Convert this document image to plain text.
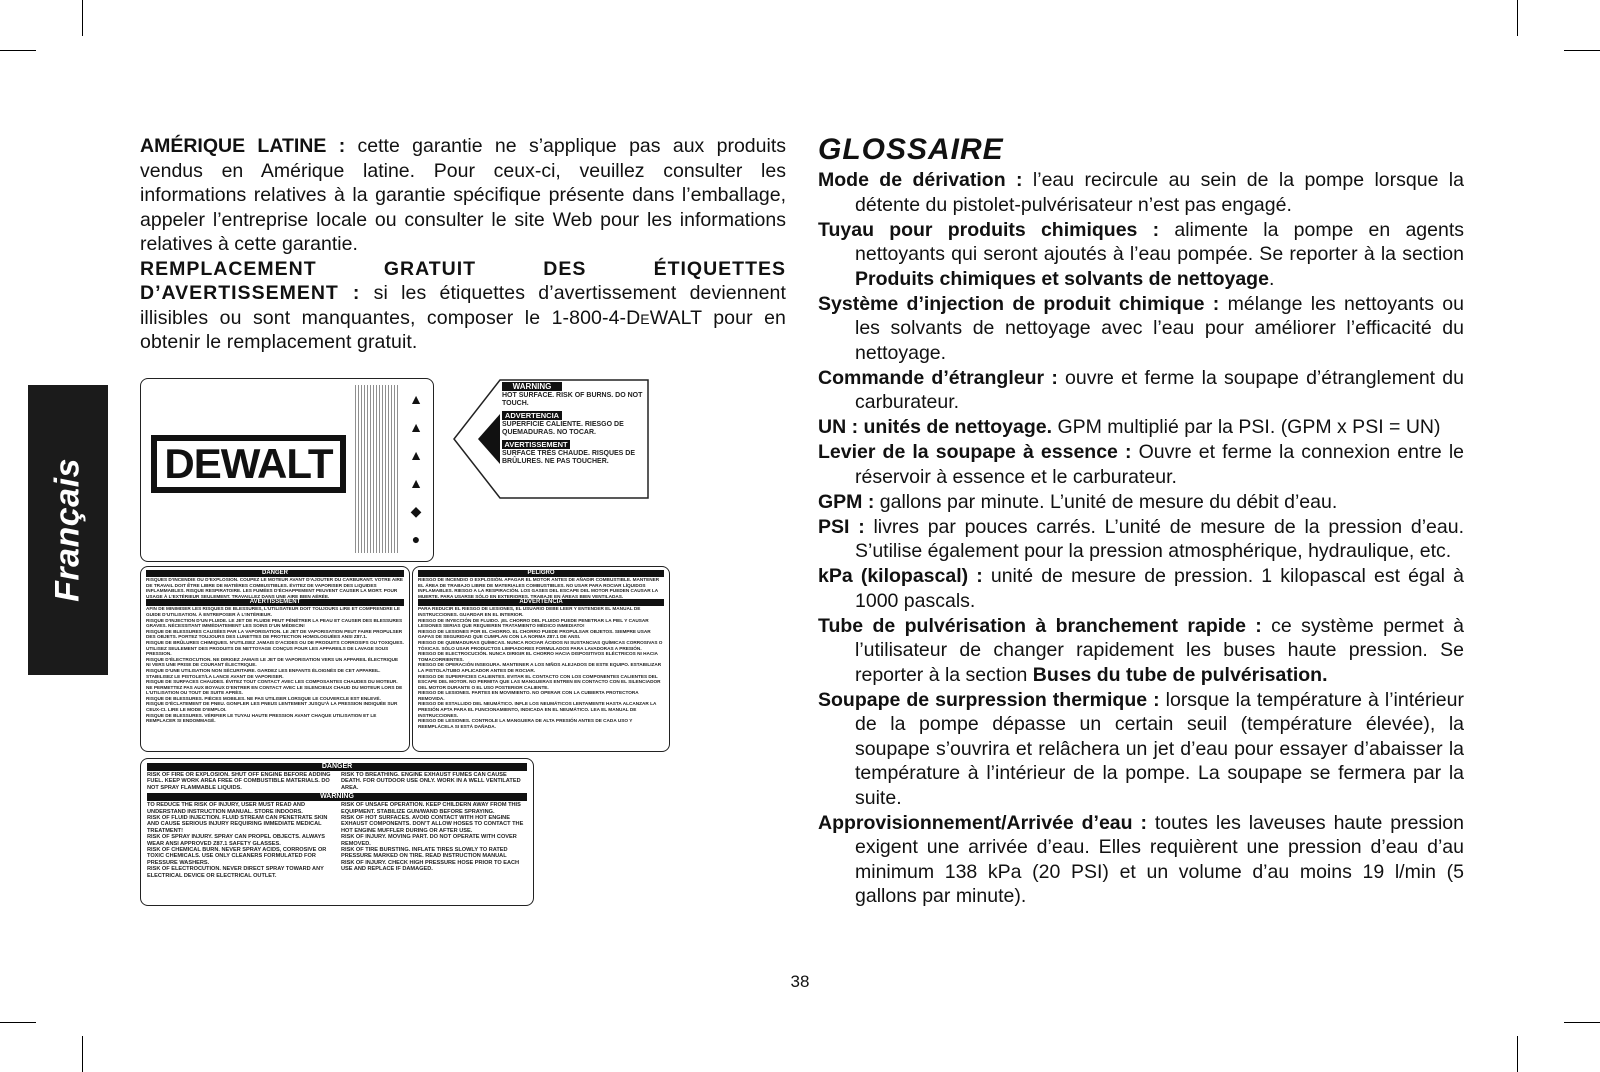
Français

AMÉRIQUE LATINE : cette garantie ne s’applique pas aux produits vendus en Amérique latine. Pour ceux-ci, veuillez consulter les informations relatives à la garantie spécifique présente dans l’emballage, appeler l’entreprise locale ou consulter le site Web pour les informations relatives à cette garantie.

REMPLACEMENT GRATUIT DES ÉTIQUETTES D’AVERTISSEMENT : si les étiquettes d’avertissement deviennent illisibles ou sont manquantes, composer le 1-800-4-DeWALT pour en obtenir le remplacement gratuit.

DEWALT
▲
▲
▲
▲
◆
●
WARNING
HOT SURFACE. RISK OF BURNS. DO NOT TOUCH.
ADVERTENCIA
SUPERFICIE CALIENTE. RIESGO DE QUEMADURAS. NO TOCAR.
AVERTISSEMENT
SURFACE TRÈS CHAUDE. RISQUES DE BRÛLURES. NE PAS TOUCHER.
DANGER
RISQUES D’INCENDIE OU D’EXPLOSION. COUPEZ LE MOTEUR AVANT D’AJOUTER DU CARBURANT. VOTRE AIRE DE TRAVAIL DOIT ÊTRE LIBRE DE MATIÈRES COMBUSTIBLES. ÉVITEZ DE VAPORISER DES LIQUIDES INFLAMMABLES. RISQUE RESPIRATOIRE. LES FUMÉES D’ÉCHAPPEMENT PEUVENT CAUSER LA MORT. POUR USAGE À L’EXTÉRIEUR SEULEMENT. TRAVAILLEZ DANS UNE AIRE BIEN AÉRÉE.
AVERTISSEMENT
AFIN DE MINIMISER LES RISQUES DE BLESSURES, L’UTILISATEUR DOIT TOUJOURS LIRE ET COMPRENDRE LE GUIDE D’UTILISATION. À ENTREPOSER À L’INTÉRIEUR.
RISQUE D’INJECTION D’UN FLUIDE. LE JET DE FLUIDE PEUT PÉNÉTRER LA PEAU ET CAUSER DES BLESSURES GRAVES. NÉCESSITANT IMMÉDIATEMENT LES SOINS D’UN MÉDECIN!
RISQUE DE BLESSURES CAUSÉES PAR LA VAPORISATION. LE JET DE VAPORISATION PEUT FAIRE PROPULSER DES OBJETS. PORTEZ TOUJOURS DES LUNETTES DE PROTECTION HOMOLOGUÉES ANSI Z87.1.
RISQUE DE BRÛLURES CHIMIQUES. N’UTILISEZ JAMAIS D’ACIDES OU DE PRODUITS CORROSIFS OU TOXIQUES. UTILISEZ SEULEMENT DES PRODUITS DE NETTOYAGE CONÇUS POUR LES APPAREILS DE LAVAGE SOUS PRESSION.
RISQUE D’ÉLECTROCUTION. NE DIRIGEZ JAMAIS LE JET DE VAPORISATION VERS UN APPAREIL ÉLECTRIQUE NI VERS UNE PRISE DE COURANT ÉLECTRIQUE.
RISQUE D’UNE UTILISATION NON SÉCURITAIRE. GARDEZ LES ENFANTS ÉLOIGNÉS DE CET APPAREIL. STABILISEZ LE PISTOLET/LA LANCE AVANT DE VAPORISER.
RISQUE DE SURFACES CHAUDES. ÉVITEZ TOUT CONTACT AVEC LES COMPOSANTES CHAUDES DU MOTEUR. NE PERMETTEZ PAS AUX BOYAUX D’ENTRER EN CONTACT AVEC LE SILENCIEUX CHAUD DU MOTEUR LORS DE L’UTILISATION OU TOUT DE SUITE APRÈS.
RISQUE DE BLESSURES. PIÈCES MOBILES. NE PAS UTILISER LORSQUE LE COUVERCLE EST ENLEVÉ.
RISQUE D’ÉCLATEMENT DE PNEU. GONFLER LES PNEUS LENTEMENT JUSQU’À LA PRESSION INDIQUÉE SUR CEUX-CI. LIRE LE MODE D’EMPLOI.
RISQUE DE BLESSURES. VÉRIFIER LE TUYAU HAUTE PRESSION AVANT CHAQUE UTILISATION ET LE REMPLACER SI ENDOMMAGÉ.
PELIGRO
RIESGO DE INCENDIO O EXPLOSIÓN. APAGAR EL MOTOR ANTES DE AÑADIR COMBUSTIBLE. MANTENER EL ÁREA DE TRABAJO LIBRE DE MATERIALES COMBUSTIBLES. NO USAR PARA ROCIAR LÍQUIDOS INFLAMABLES. RIESGO A LA RESPIRACIÓN. LOS GASES DEL ESCAPE DEL MOTOR PUEDEN CAUSAR LA MUERTE. PARA USARSE SÓLO EN EXTERIORES. TRABAJE EN ÁREAS BIEN VENTILADAS.
ADVERTENCIA
PARA REDUCIR EL RIESGO DE LESIONES, EL USUARIO DEBE LEER Y ENTENDER EL MANUAL DE INSTRUCCIONES. GUARDAR EN EL INTERIOR.
RIESGO DE INYECCIÓN DE FLUIDO. ¡EL CHORRO DEL FLUIDO PUEDE PENETRAR LA PIEL Y CAUSAR LESIONES SERIAS QUE REQUIEREN TRATAMIENTO MÉDICO INMEDIATO!
RIESGO DE LESIONES POR EL CHORRO. EL CHORRO PUEDE PROPULSAR OBJETOS. SIEMPRE USAR GAFAS DE SEGURIDAD QUE CUMPLAN CON LA NORMA Z87.1 DE ANSI.
RIESGO DE QUEMADURAS QUÍMICAS. NUNCA ROCIAR ÁCIDOS NI SUSTANCIAS QUÍMICAS CORROSIVAS O TÓXICAS. SÓLO USAR PRODUCTOS LIMPIADORES FORMULADOS PARA LAVADORAS A PRESIÓN.
RIESGO DE ELECTROCUCIÓN. NUNCA DIRIGIR EL CHORRO HACIA DISPOSITIVOS ELÉCTRICOS NI HACIA TOMACORRIENTES.
RIESGO DE OPERACIÓN INSEGURA. MANTENER A LOS NIÑOS ALEJADOS DE ESTE EQUIPO. ESTABILIZAR LA PISTOLA/TUBO APLICADOR ANTES DE ROCIAR.
RIESGO DE SUPERFICIES CALIENTES. EVITAR EL CONTACTO CON LOS COMPONENTES CALIENTES DEL ESCAPE DEL MOTOR. NO PERMITA QUE LAS MANGUERAS ENTREN EN CONTACTO CON EL SILENCIADOR DEL MOTOR DURANTE O EL USO POSTERIOR CALIENTE.
RIESGO DE LESIONES. PARTES EN MOVIMIENTO. NO OPERAR CON LA CUBIERTA PROTECTORA REMOVIDA.
RIESGO DE ESTALLIDO DEL NEUMÁTICO. INFLE LOS NEUMÁTICOS LENTAMENTE HASTA ALCANZAR LA PRESIÓN APTA PARA EL FUNCIONAMIENTO, INDICADA EN EL NEUMÁTICO. LEA EL MANUAL DE INSTRUCCIONES.
RIESGO DE LESIONES. CONTROLE LA MANGUERA DE ALTA PRESIÓN ANTES DE CADA USO Y REEMPLÁCELA SI ESTÁ DAÑADA.
DANGER
RISK OF FIRE OR EXPLOSION. SHUT OFF ENGINE BEFORE ADDING FUEL. KEEP WORK AREA FREE OF COMBUSTIBLE MATERIALS. DO NOT SPRAY FLAMMABLE LIQUIDS.
RISK TO BREATHING. ENGINE EXHAUST FUMES CAN CAUSE DEATH. FOR OUTDOOR USE ONLY. WORK IN A WELL VENTILATED AREA.
WARNING
TO REDUCE THE RISK OF INJURY, USER MUST READ AND UNDERSTAND INSTRUCTION MANUAL. STORE INDOORS.
RISK OF FLUID INJECTION. FLUID STREAM CAN PENETRATE SKIN AND CAUSE SERIOUS INJURY REQUIRING IMMEDIATE MEDICAL TREATMENT!
RISK OF SPRAY INJURY. SPRAY CAN PROPEL OBJECTS. ALWAYS WEAR ANSI APPROVED Z87.1 SAFETY GLASSES.
RISK OF CHEMICAL BURN. NEVER SPRAY ACIDS, CORROSIVE OR TOXIC CHEMICALS. USE ONLY CLEANERS FORMULATED FOR PRESSURE WASHERS.
RISK OF ELECTROCUTION. NEVER DIRECT SPRAY TOWARD ANY ELECTRICAL DEVICE OR ELECTRICAL OUTLET.
RISK OF UNSAFE OPERATION. KEEP CHILDERN AWAY FROM THIS EQUIPMENT. STABILIZE GUN/WAND BEFORE SPRAYING.
RISK OF HOT SURFACES. AVOID CONTACT WITH HOT ENGINE EXHAUST COMPONENTS. DON’T ALLOW HOSES TO CONTACT THE HOT ENGINE MUFFLER DURING OR AFTER USE.
RISK OF INJURY. MOVING PART. DO NOT OPERATE WITH COVER REMOVED.
RISK OF TIRE BURSTING. INFLATE TIRES SLOWLY TO RATED PRESSURE MARKED ON TIRE. READ INSTRUCTION MANUAL
RISK OF INJURY. CHECK HIGH PRESSURE HOSE PRIOR TO EACH USE AND REPLACE IF DAMAGED.
GLOSSAIRE

Mode de dérivation : l’eau recircule au sein de la pompe lorsque la détente du pistolet-pulvérisateur n’est pas engagé.

Tuyau pour produits chimiques : alimente la pompe en agents nettoyants qui seront ajoutés à l’eau pompée. Se reporter à la section Produits chimiques et solvants de nettoyage.

Système d’injection de produit chimique : mélange les nettoyants ou les solvants de nettoyage avec l’eau pour améliorer l’efficacité du nettoyage.

Commande d’étrangleur : ouvre et ferme la soupape d’étranglement du carburateur.

UN : unités de nettoyage. GPM multiplié par la PSI. (GPM x PSI = UN)

Levier de la soupape à essence : Ouvre et ferme la connexion entre le réservoir à essence et le carburateur.

GPM : gallons par minute. L’unité de mesure du débit d’eau.

PSI : livres par pouces carrés. L’unité de mesure de la pression d’eau. S’utilise également pour la pression atmosphérique, hydraulique, etc.

kPa (kilopascal) : unité de mesure de pression. 1 kilopascal est égal à 1000 pascals.

Tube de pulvérisation à branchement rapide : ce système permet à l’utilisateur de changer rapidement les buses haute pression. Se reporter à la section Buses du tube de pulvérisation.

Soupape de surpression thermique : lorsque la température à l’intérieur de la pompe dépasse un certain seuil (température élevée), la soupape s’ouvrira et relâchera un jet d’eau pour essayer d’abaisser la température à l’intérieur de la pompe. La soupape se fermera par la suite.

Approvisionnement/Arrivée d’eau : toutes les laveuses haute pression exigent une arrivée d’eau. Elles requièrent une pression d’eau d’au minimum 138 kPa (20 PSI) et un volume d’au moins 19 l/min (5 gallons par minute).

38
